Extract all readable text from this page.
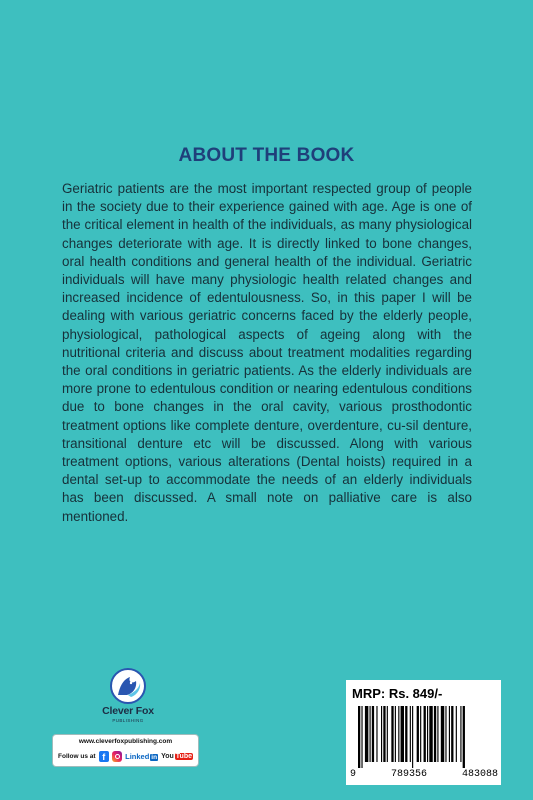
ABOUT THE BOOK

Geriatric patients are the most important respected group of people in the society due to their experience gained with age. Age is one of the critical element in health of the individuals, as many physiological changes deteriorate with age. It is directly linked to bone changes, oral health conditions and general health of the individual. Geriatric individuals will have many physiologic health related changes and increased incidence of edentulousness. So, in this paper I will be dealing with various geriatric concerns faced by the elderly people, physiological, pathological aspects of ageing along with the nutritional criteria and discuss about treatment modalities regarding the oral conditions in geriatric patients. As the elderly individuals are more prone to edentulous condition or nearing edentulous conditions due to bone changes in the oral cavity, various prosthodontic treatment options like complete denture, overdenture, cu-sil denture, transitional denture etc will be discussed. Along with various treatment options, various alterations (Dental hoists) required in a dental set-up to accommodate the needs of an elderly individuals has been discussed. A small note on palliative care is also mentioned.

Clever Fox
PUBLISHING
www.cleverfoxpublishing.com
Follow us at f	Linked in You Tube
MRP: Rs. 849/-
9	789356	483088
